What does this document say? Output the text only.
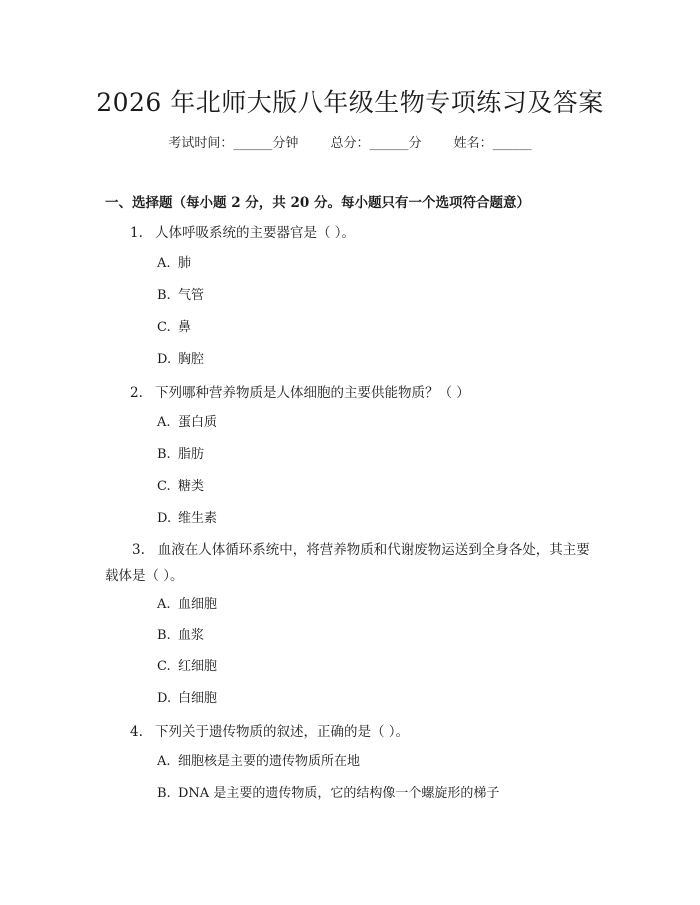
2026 年北师大版八年级生物专项练习及答案
考试时间：______分钟 总分：______分 姓名：______
一、选择题（每小题 2 分，共 20 分。每小题只有一个选项符合题意）
1. 人体呼吸系统的主要器官是（ ）。
A. 肺
B. 气管
C. 鼻
D. 胸腔
2. 下列哪种营养物质是人体细胞的主要供能物质？（ ）
A. 蛋白质
B. 脂肪
C. 糖类
D. 维生素
3. 血液在人体循环系统中，将营养物质和代谢废物运送到全身各处，其主要载体是（ ）。
A. 血细胞
B. 血浆
C. 红细胞
D. 白细胞
4. 下列关于遗传物质的叙述，正确的是（ ）。
A. 细胞核是主要的遗传物质所在地
B. DNA 是主要的遗传物质，它的结构像一个螺旋形的梯子
